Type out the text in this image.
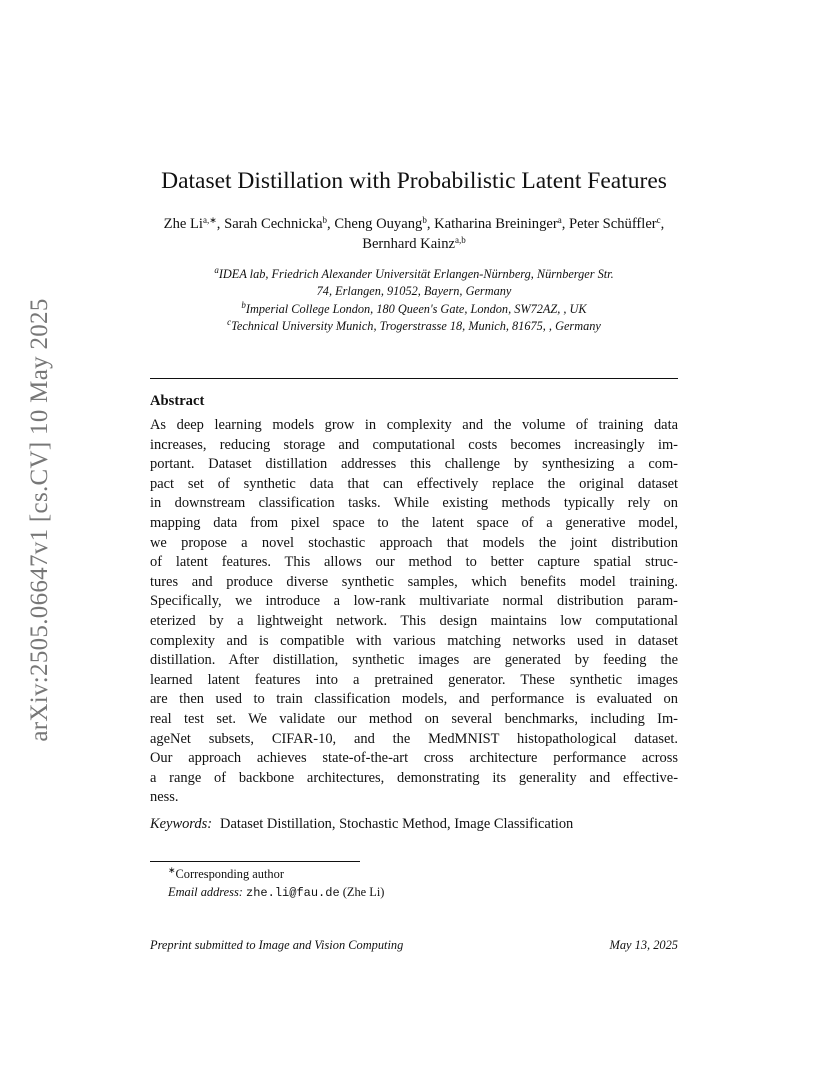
arXiv:2505.06647v1 [cs.CV] 10 May 2025
Dataset Distillation with Probabilistic Latent Features
Zhe $Li^{a,∗}$, Sarah Cechnicka$^b$, Cheng Ouyang$^b$, Katharina Breininger$^a$, Peter Schüffler$^c$, Bernhard Kainz$^{a,b}$
$^a$IDEA lab, Friedrich Alexander Universität Erlangen-Nürnberg, Nürnberger Str.
74, Erlangen, 91052, Bayern, Germany
$^b$Imperial College London, 180 Queen's Gate, London, SW72AZ, , UK
$^c$Technical University Munich, Trogerstrasse 18, Munich, 81675, , Germany
Abstract
As deep learning models grow in complexity and the volume of training data
increases, reducing storage and computational costs becomes increasingly im-
portant. Dataset distillation addresses this challenge by synthesizing a com-
pact set of synthetic data that can effectively replace the original dataset
in downstream classification tasks. While existing methods typically rely on
mapping data from pixel space to the latent space of a generative model,
we propose a novel stochastic approach that models the joint distribution
of latent features. This allows our method to better capture spatial struc-
tures and produce diverse synthetic samples, which benefits model training.
Specifically, we introduce a low-rank multivariate normal distribution param-
eterized by a lightweight network. This design maintains low computational
complexity and is compatible with various matching networks used in dataset
distillation. After distillation, synthetic images are generated by feeding the
learned latent features into a pretrained generator. These synthetic images
are then used to train classification models, and performance is evaluated on
real test set. We validate our method on several benchmarks, including Im-
ageNet subsets, CIFAR-10, and the MedMNIST histopathological dataset.
Our approach achieves state-of-the-art cross architecture performance across
a range of backbone architectures, demonstrating its generality and effective-
ness.
Keywords: Dataset Distillation, Stochastic Method, Image Classification
∗Corresponding author
Email address: zhe.li@fau.de (Zhe Li)
Preprint submitted to Image and Vision Computing	May 13, 2025
